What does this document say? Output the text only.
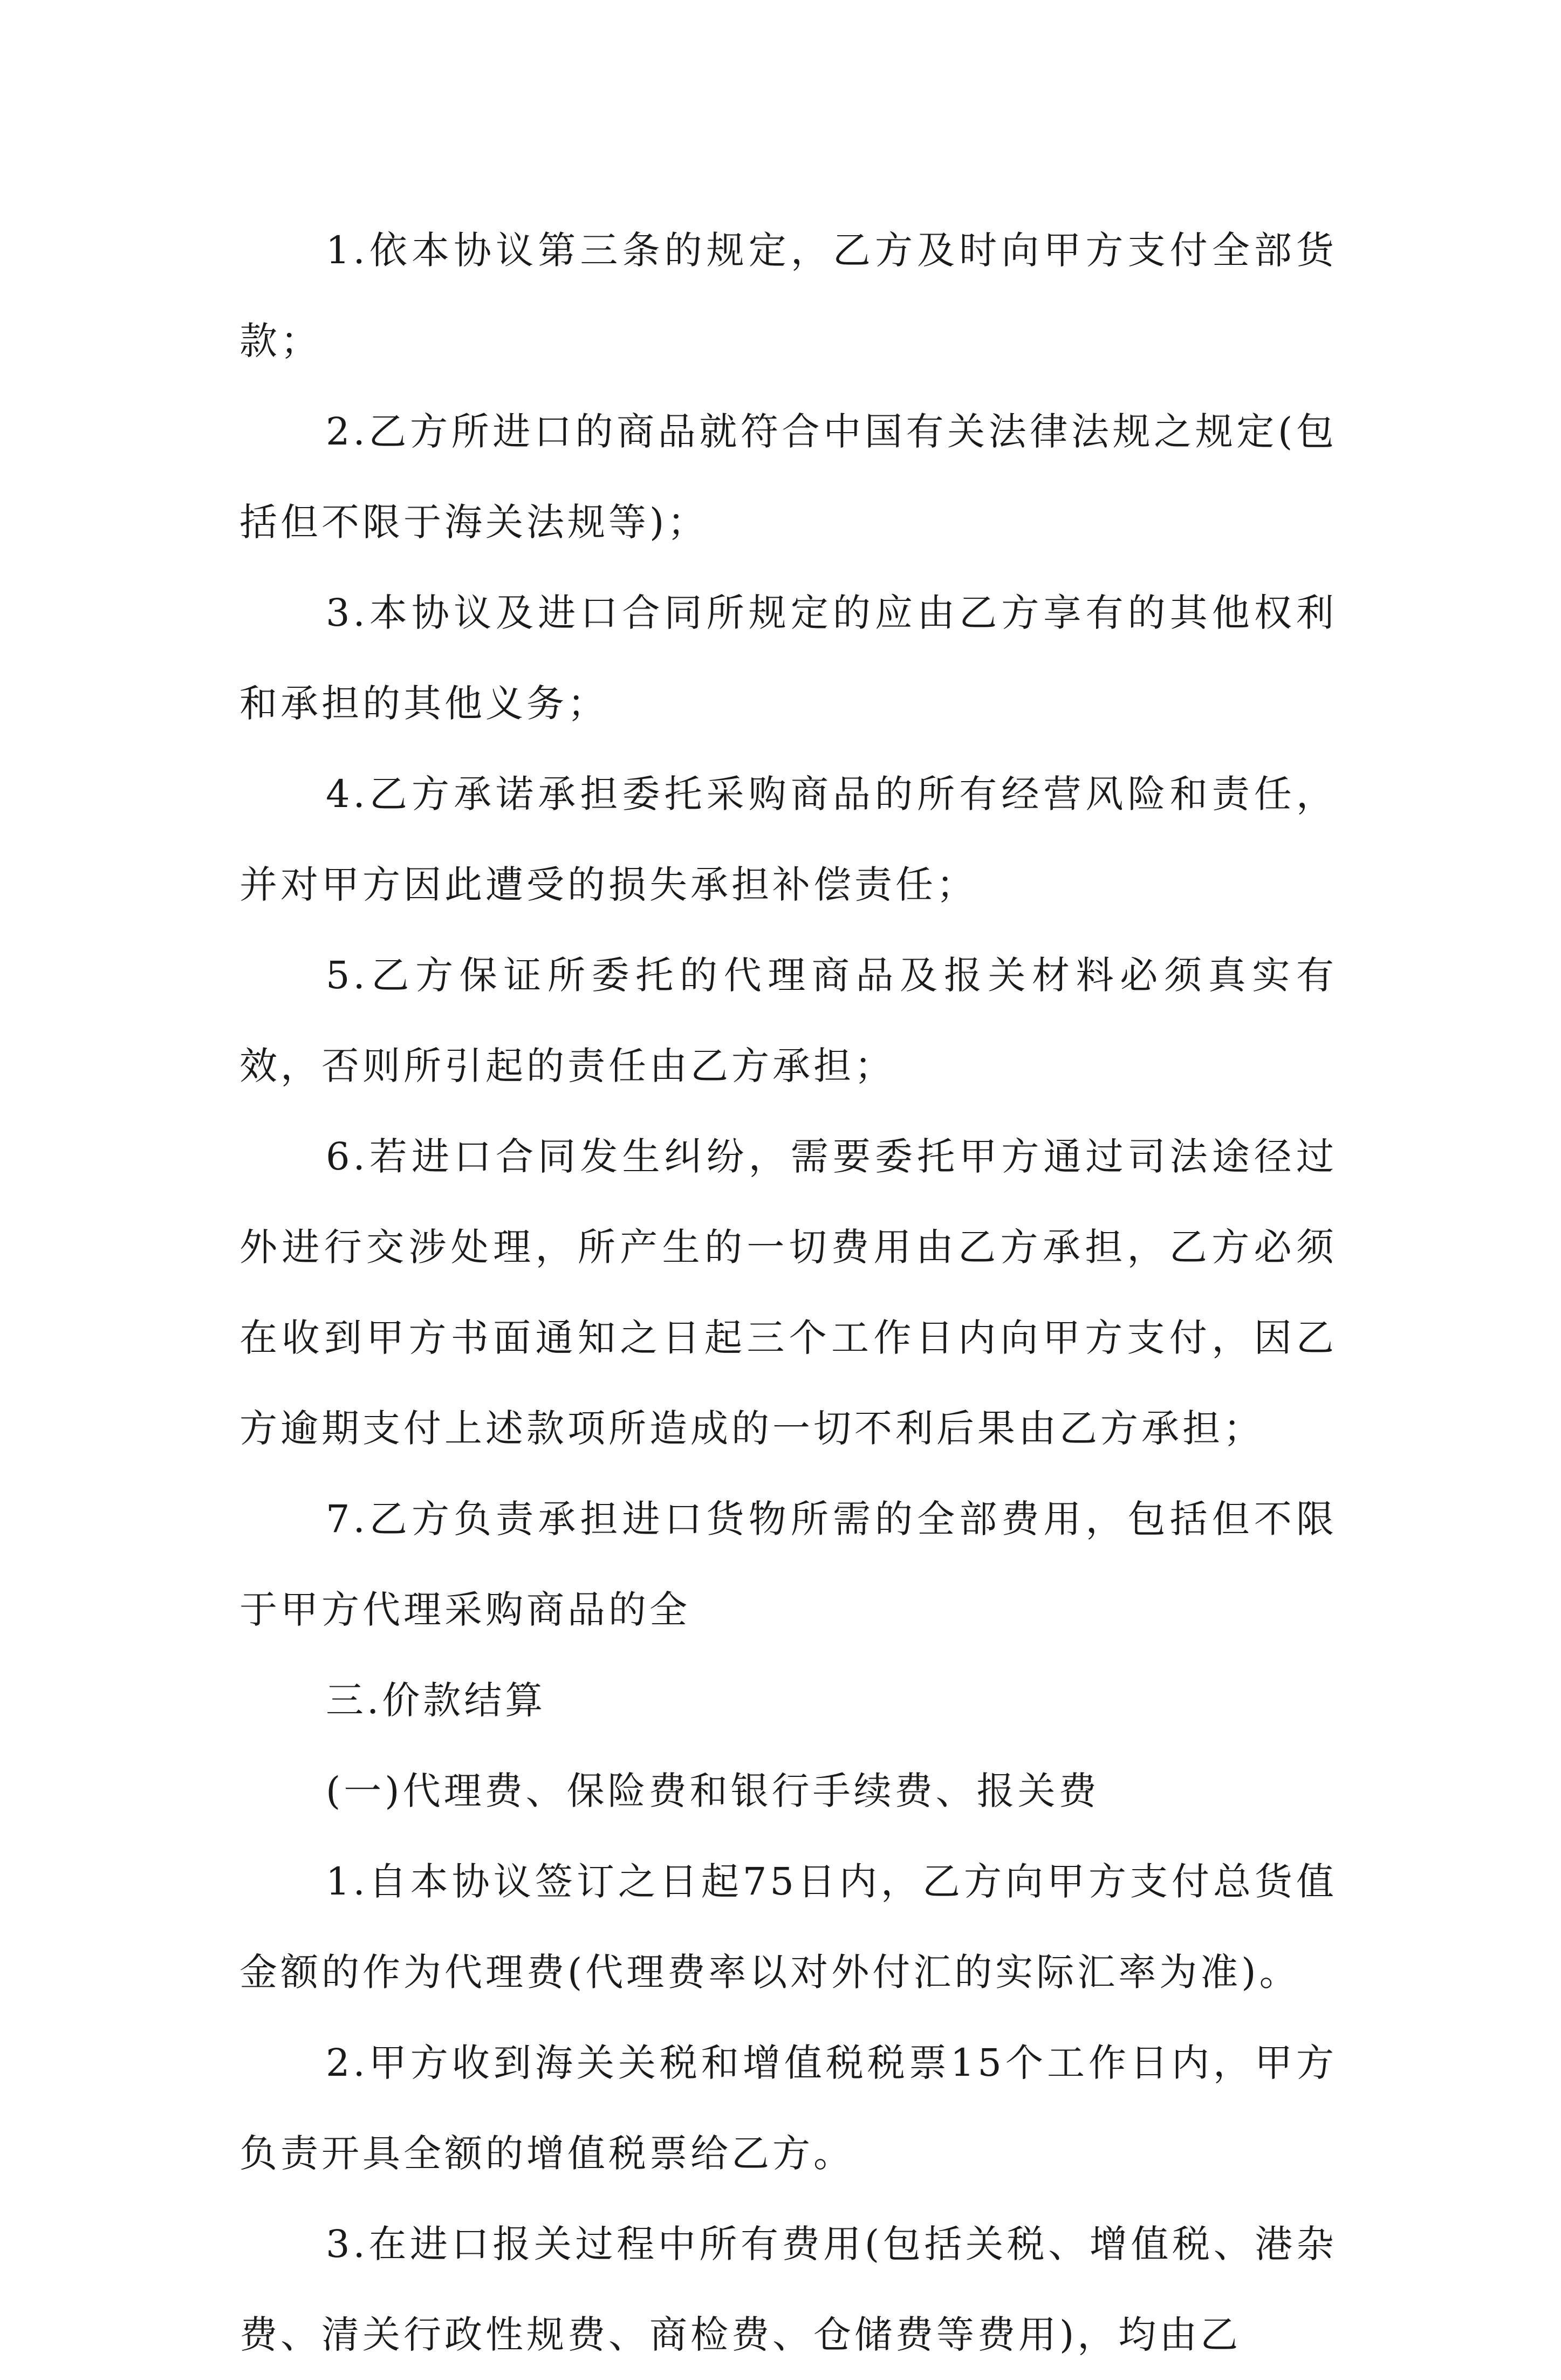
1.依本协议第三条的规定，乙方及时向甲方支付全部货款；

2.乙方所进口的商品就符合中国有关法律法规之规定(包括但不限于海关法规等)；

3.本协议及进口合同所规定的应由乙方享有的其他权利和承担的其他义务；

4.乙方承诺承担委托采购商品的所有经营风险和责任，并对甲方因此遭受的损失承担补偿责任；

5.乙方保证所委托的代理商品及报关材料必须真实有效，否则所引起的责任由乙方承担；

6.若进口合同发生纠纷，需要委托甲方通过司法途径过外进行交涉处理，所产生的一切费用由乙方承担，乙方必须在收到甲方书面通知之日起三个工作日内向甲方支付，因乙方逾期支付上述款项所造成的一切不利后果由乙方承担；

7.乙方负责承担进口货物所需的全部费用，包括但不限于甲方代理采购商品的全

三.价款结算

(一)代理费、保险费和银行手续费、报关费

1.自本协议签订之日起75日内，乙方向甲方支付总货值金额的作为代理费(代理费率以对外付汇的实际汇率为准)。

2.甲方收到海关关税和增值税税票15个工作日内，甲方负责开具全额的增值税票给乙方。

3.在进口报关过程中所有费用(包括关税、增值税、港杂费、清关行政性规费、商检费、仓储费等费用)，均由乙
